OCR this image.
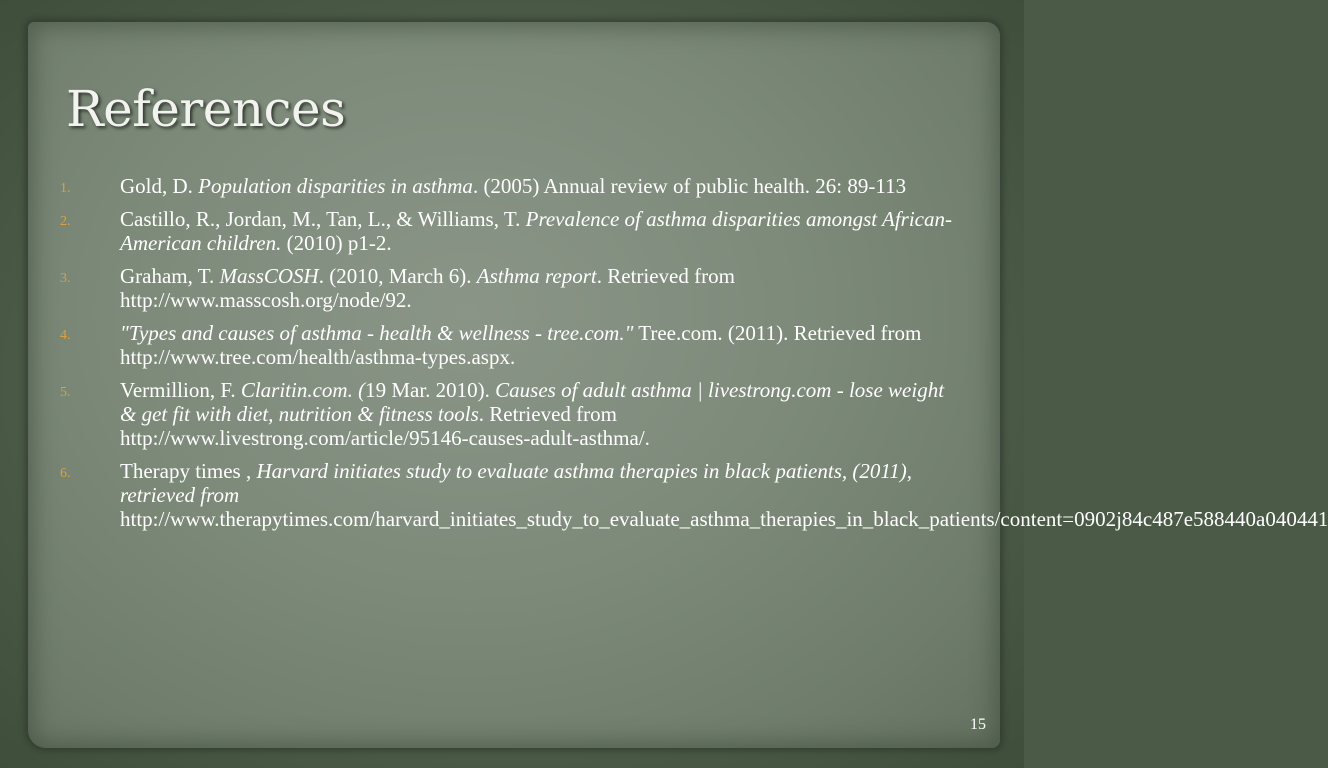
References
1. Gold, D. Population disparities in asthma. (2005) Annual review of public health. 26: 89-113
2. Castillo, R., Jordan, M., Tan, L., & Williams, T. Prevalence of asthma disparities amongst African-American children. (2010) p1-2.
3. Graham, T. MassCOSH. (2010, March 6). Asthma report. Retrieved from http://www.masscosh.org/node/92.
4. "Types and causes of asthma - health & wellness - tree.com." Tree.com. (2011). Retrieved from http://www.tree.com/health/asthma-types.aspx.
5. Vermillion, F. Claritin.com. (19 Mar. 2010). Causes of adult asthma | livestrong.com - lose weight & get fit with diet, nutrition & fitness tools. Retrieved from http://www.livestrong.com/article/95146-causes-adult-asthma/.
6. Therapy times , Harvard initiates study to evaluate asthma therapies in black patients, (2011), retrieved from
http://www.therapytimes.com/harvard_initiates_study_to_evaluate_asthma_therapies_in_black_patients/content=0902j84c487e588440a040441
15
